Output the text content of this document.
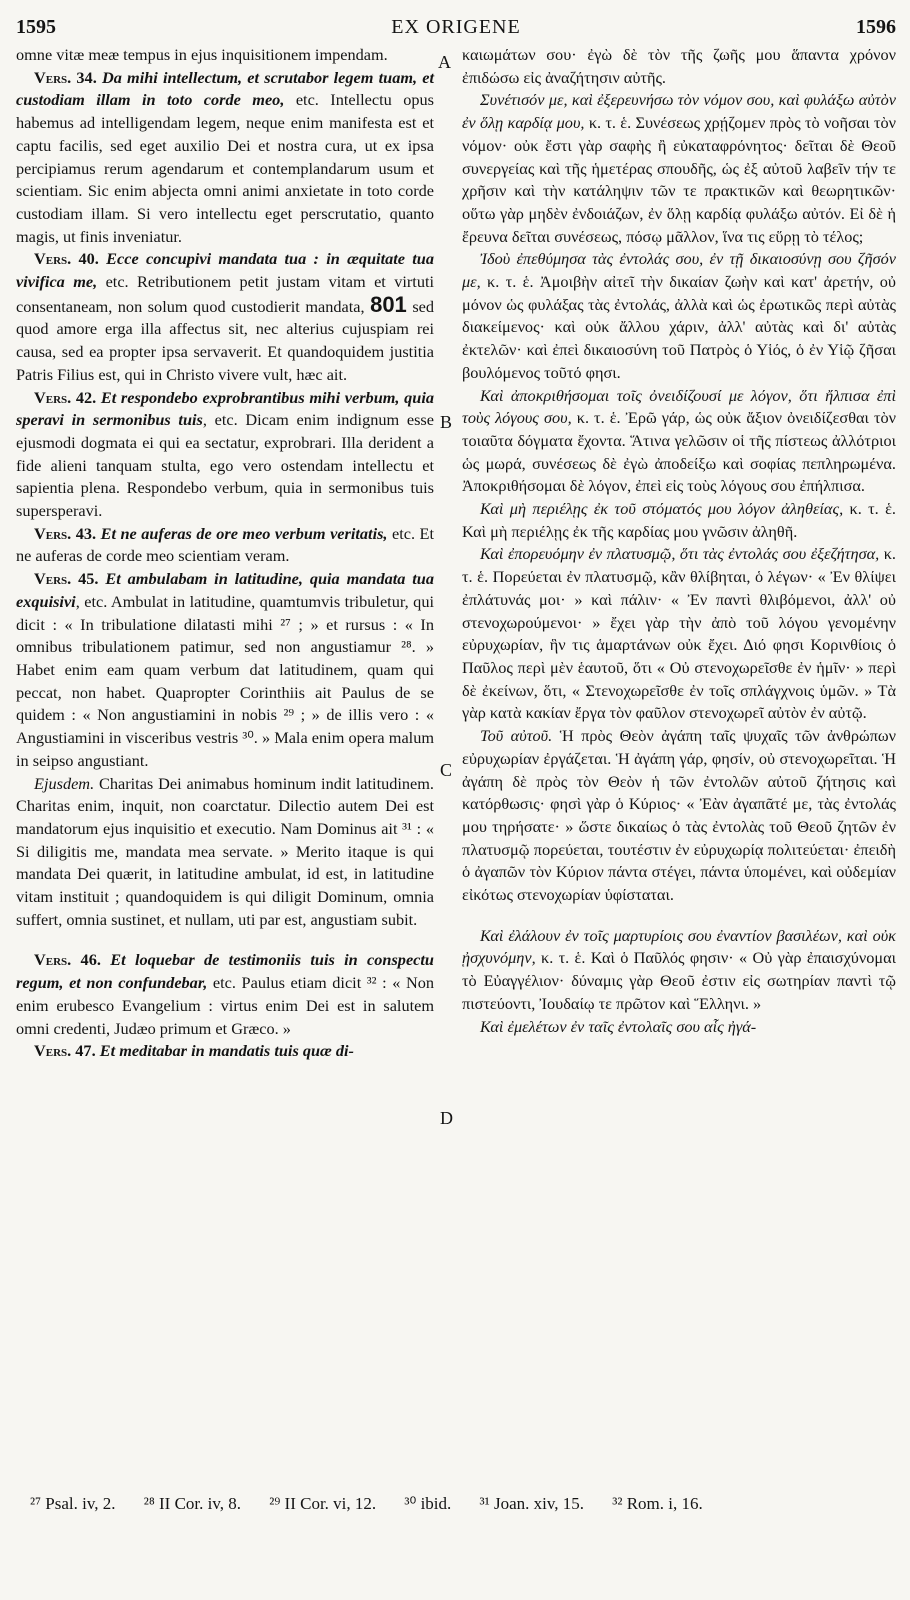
1595	EX ORIGENE	1596

omne vitæ meæ tempus in ejus inquisitionem impendam.

Vers. 34. Da mihi intellectum, et scrutabor legem tuam, et custodiam illam in toto corde meo, etc. Intellectu opus habemus ad intelligendam legem, neque enim manifesta est et captu facilis, sed eget auxilio Dei et nostra cura, ut ex ipsa percipiamus rerum agendarum et contemplandarum usum et scientiam. Sic enim abjecta omni animi anxietate in toto corde custodiam illam. Si vero intellectu eget perscrutatio, quanto magis, ut finis inveniatur.

Vers. 40. Ecce concupivi mandata tua : in æquitate tua vivifica me, etc. Retributionem petit justam vitam et virtuti consentaneam, non solum quod custodierit mandata, 801 sed quod amore erga illa affectus sit, nec alterius cujuspiam rei causa, sed ea propter ipsa servaverit. Et quandoquidem justitia Patris Filius est, qui in Christo vivere vult, hæc ait.

Vers. 42. Et respondebo exprobrantibus mihi verbum, quia speravi in sermonibus tuis, etc. Dicam enim indignum esse ejusmodi dogmata ei qui ea sectatur, exprobrari. Illa derident a fide alieni tanquam stulta, ego vero ostendam intellectu et sapientia plena. Respondebo verbum, quia in sermonibus tuis supersperavi.

Vers. 43. Et ne auferas de ore meo verbum veritatis, etc. Et ne auferas de corde meo scientiam veram.

Vers. 45. Et ambulabam in latitudine, quia mandata tua exquisivi, etc. Ambulat in latitudine, quamtumvis tribuletur, qui dicit : « In tribulatione dilatasti mihi ²⁷ ; » et rursus : « In omnibus tribulationem patimur, sed non angustiamur ²⁸. » Habet enim eam quam verbum dat latitudinem, quam qui peccat, non habet. Quapropter Corinthiis ait Paulus de se quidem : « Non angustiamini in nobis ²⁹ ; » de illis vero : « Angustiamini in visceribus vestris ³⁰. » Mala enim opera malum in seipso angustiant.

Ejusdem. Charitas Dei animabus hominum indit latitudinem. Charitas enim, inquit, non coarctatur. Dilectio autem Dei est mandatorum ejus inquisitio et executio. Nam Dominus ait ³¹ : « Si diligitis me, mandata mea servate. » Merito itaque is qui mandata Dei quærit, in latitudine ambulat, id est, in latitudine vitam instituit ; quandoquidem is qui diligit Dominum, omnia suffert, omnia sustinet, et nullam, uti par est, angustiam subit.

Vers. 46. Et loquebar de testimoniis tuis in conspectu regum, et non confundebar, etc. Paulus etiam dicit ³² : « Non enim erubesco Evangelium : virtus enim Dei est in salutem omni credenti, Judæo primum et Græco. »

Vers. 47. Et meditabar in mandatis tuis quæ di-

A
B
C
D

καιωμάτων σου· ἐγὼ δὲ τὸν τῆς ζωῆς μου ἅπαντα χρόνον ἐπιδώσω εἰς ἀναζήτησιν αὐτῆς.

Συνέτισόν με, καὶ ἐξερευνήσω τὸν νόμον σου, καὶ φυλάξω αὐτὸν ἐν ὅλῃ καρδίᾳ μου, κ. τ. ἑ. Συνέσεως χρῄζομεν πρὸς τὸ νοῆσαι τὸν νόμον· οὐκ ἔστι γὰρ σαφὴς ἢ εὐκαταφρόνητος· δεῖται δὲ Θεοῦ συνεργείας καὶ τῆς ἡμετέρας σπουδῆς, ὡς ἐξ αὐτοῦ λαβεῖν τήν τε χρῆσιν καὶ τὴν κατάληψιν τῶν τε πρακτικῶν καὶ θεωρητικῶν· οὕτω γὰρ μηδὲν ἐνδοιάζων, ἐν ὅλῃ καρδίᾳ φυλάξω αὐτόν. Εἰ δὲ ἡ ἔρευνα δεῖται συνέσεως, πόσῳ μᾶλλον, ἵνα τις εὕρῃ τὸ τέλος;

Ἰδοὺ ἐπεθύμησα τὰς ἐντολάς σου, ἐν τῇ δικαιοσύνῃ σου ζῆσόν με, κ. τ. ἑ. Ἀμοιβὴν αἰτεῖ τὴν δικαίαν ζωὴν καὶ κατ' ἀρετήν, οὐ μόνον ὡς φυλάξας τὰς ἐντολάς, ἀλλὰ καὶ ὡς ἐρωτικῶς περὶ αὐτὰς διακείμενος· καὶ οὐκ ἄλλου χάριν, ἀλλ' αὐτὰς καὶ δι' αὐτὰς ἐκτελῶν· καὶ ἐπεὶ δικαιοσύνη τοῦ Πατρὸς ὁ Υἱός, ὁ ἐν Υἱῷ ζῆσαι βουλόμενος τοῦτό φησι.

Καὶ ἀποκριθήσομαι τοῖς ὀνειδίζουσί με λόγον, ὅτι ἤλπισα ἐπὶ τοὺς λόγους σου, κ. τ. ἑ. Ἐρῶ γάρ, ὡς οὐκ ἄξιον ὀνειδίζεσθαι τὸν τοιαῦτα δόγματα ἔχοντα. Ἅτινα γελῶσιν οἱ τῆς πίστεως ἀλλότριοι ὡς μωρά, συνέσεως δὲ ἐγὼ ἀποδείξω καὶ σοφίας πεπληρωμένα. Ἀποκριθήσομαι δὲ λόγον, ἐπεὶ εἰς τοὺς λόγους σου ἐπήλπισα.

Καὶ μὴ περιέλῃς ἐκ τοῦ στόματός μου λόγον ἀληθείας, κ. τ. ἑ. Καὶ μὴ περιέλῃς ἐκ τῆς καρδίας μου γνῶσιν ἀληθῆ.

Καὶ ἐπορευόμην ἐν πλατυσμῷ, ὅτι τὰς ἐντολάς σου ἐξεζήτησα, κ. τ. ἑ. Πορεύεται ἐν πλατυσμῷ, κἂν θλίβηται, ὁ λέγων· « Ἐν θλίψει ἐπλάτυνάς μοι· » καὶ πάλιν· « Ἐν παντὶ θλιβόμενοι, ἀλλ' οὐ στενοχωρούμενοι· » ἔχει γὰρ τὴν ἀπὸ τοῦ λόγου γενομένην εὐρυχωρίαν, ἣν τις ἁμαρτάνων οὐκ ἔχει. Διό φησι Κορινθίοις ὁ Παῦλος περὶ μὲν ἑαυτοῦ, ὅτι « Οὐ στενοχωρεῖσθε ἐν ἡμῖν· » περὶ δὲ ἐκείνων, ὅτι, « Στενοχωρεῖσθε ἐν τοῖς σπλάγχνοις ὑμῶν. » Τὰ γὰρ κατὰ κακίαν ἔργα τὸν φαῦλον στενοχωρεῖ αὐτὸν ἐν αὐτῷ.

Τοῦ αὐτοῦ. Ἡ πρὸς Θεὸν ἀγάπη ταῖς ψυχαῖς τῶν ἀνθρώπων εὐρυχωρίαν ἐργάζεται. Ἡ ἀγάπη γάρ, φησίν, οὐ στενοχωρεῖται. Ἡ ἀγάπη δὲ πρὸς τὸν Θεὸν ἡ τῶν ἐντολῶν αὐτοῦ ζήτησις καὶ κατόρθωσις· φησὶ γὰρ ὁ Κύριος· « Ἐὰν ἀγαπᾶτέ με, τὰς ἐντολάς μου τηρήσατε· » ὥστε δικαίως ὁ τὰς ἐντολὰς τοῦ Θεοῦ ζητῶν ἐν πλατυσμῷ πορεύεται, τουτέστιν ἐν εὐρυχωρίᾳ πολιτεύεται· ἐπειδὴ ὁ ἀγαπῶν τὸν Κύριον πάντα στέγει, πάντα ὑπομένει, καὶ οὐδεμίαν εἰκότως στενοχωρίαν ὑφίσταται.

Καὶ ἐλάλουν ἐν τοῖς μαρτυρίοις σου ἐναντίον βασιλέων, καὶ οὐκ ᾐσχυνόμην, κ. τ. ἑ. Καὶ ὁ Παῦλός φησιν· « Οὐ γὰρ ἐπαισχύνομαι τὸ Εὐαγγέλιον· δύναμις γὰρ Θεοῦ ἐστιν εἰς σωτηρίαν παντὶ τῷ πιστεύοντι, Ἰουδαίῳ τε πρῶτον καὶ Ἕλληνι. »

Καὶ ἐμελέτων ἐν ταῖς ἐντολαῖς σου αἷς ἠγά-

²⁷ Psal. iv, 2. ²⁸ II Cor. iv, 8. ²⁹ II Cor. vi, 12. ³⁰ ibid. ³¹ Joan. xiv, 15. ³² Rom. i, 16.
